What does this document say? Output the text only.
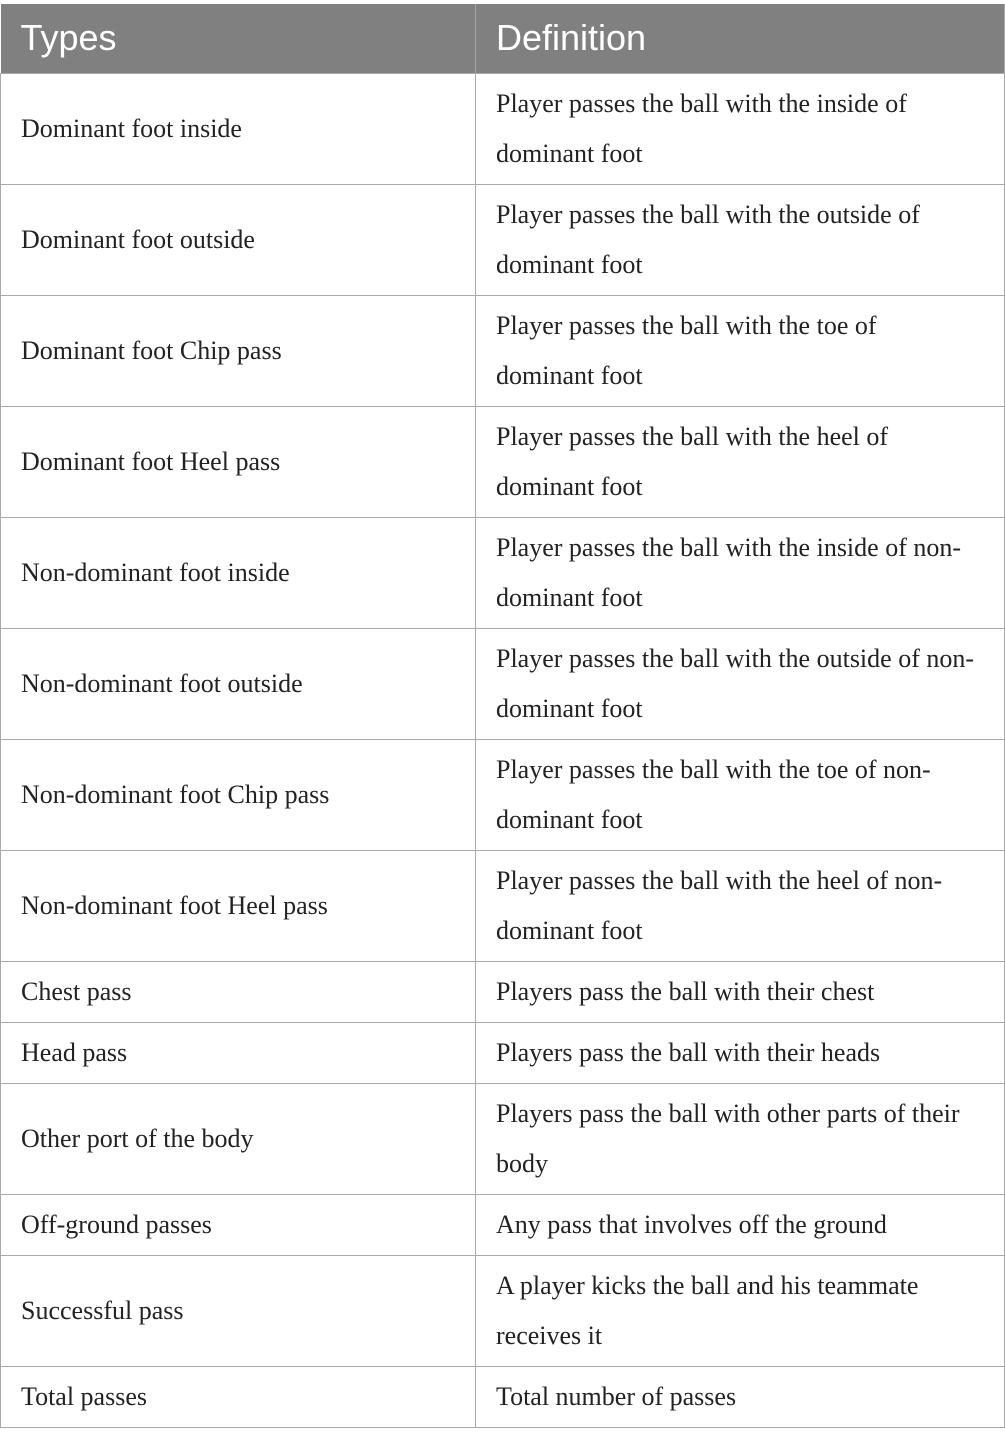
Types	Definition
Dominant foot inside	Player passes the ball with the inside of dominant foot
Dominant foot outside	Player passes the ball with the outside of dominant foot
Dominant foot Chip pass	Player passes the ball with the toe of dominant foot
Dominant foot Heel pass	Player passes the ball with the heel of dominant foot
Non-dominant foot inside	Player passes the ball with the inside of non-dominant foot
Non-dominant foot outside	Player passes the ball with the outside of non-dominant foot
Non-dominant foot Chip pass	Player passes the ball with the toe of non-dominant foot
Non-dominant foot Heel pass	Player passes the ball with the heel of non-dominant foot
Chest pass	Players pass the ball with their chest
Head pass	Players pass the ball with their heads
Other port of the body	Players pass the ball with other parts of their body
Off-ground passes	Any pass that involves off the ground
Successful pass	A player kicks the ball and his teammate receives it
Total passes	Total number of passes
